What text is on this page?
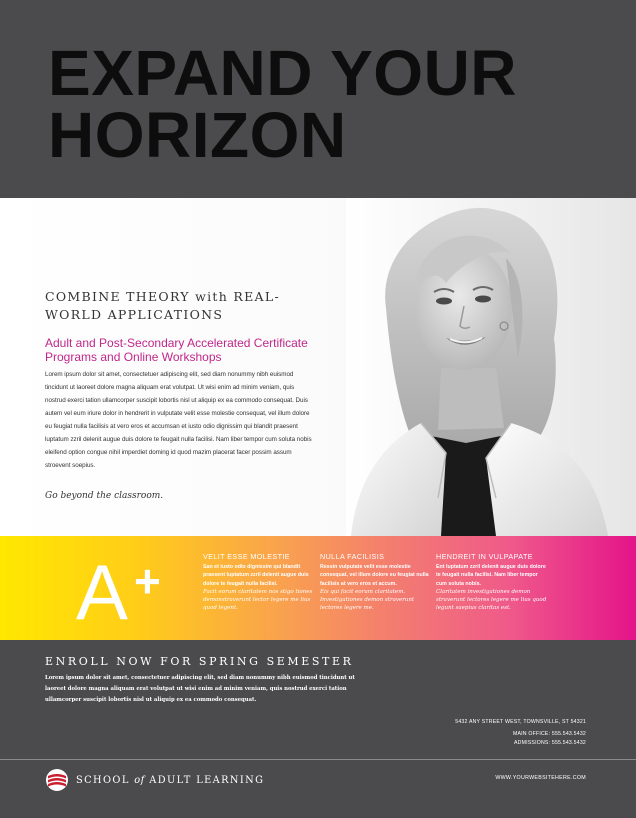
EXPAND YOUR
HORIZON
COMBINE THEORY with REAL-WORLD APPLICATIONS
Adult and Post-Secondary Accelerated Certificate Programs and Online Workshops
Lorem ipsum dolor sit amet, consectetuer adipiscing elit, sed diam nonummy nibh euismod tincidunt ut laoreet dolore magna aliquam erat volutpat. Ut wisi enim ad minim veniam, quis nostrud exerci tation ullamcorper suscipit lobortis nisl ut aliquip ex ea commodo consequat. Duis autem vel eum iriure dolor in hendrerit in vulputate velit esse molestie consequat, vel illum dolore eu feugiat nulla facilisis at vero eros et accumsan et iusto odio dignissim qui blandit praesent luptatum zzril delenit augue duis dolore te feugait nulla facilisi. Nam liber tempor cum soluta nobis eleifend option congue nihil imperdiet doming id quod mazim placerat facer possim assum stroevent soepius.
Go beyond the classroom.
A +	VELIT ESSE MOLESTIE
San et iusto odio dignissim qui blandit praesent luptatum zzril delenit augue duis dolore te feugait nulla facilisi.
Facit eorum claritatem nos stigo tiones demonstraverunt lector legere me lius quod legent.
NULLA FACILISIS
Ressin vulputate velit esse molestie consequat, vel illum dolore eu feugiat nulla facilisis at vero eros et accum.
Eis qui facit eorum claritatem. Investigationes demon straverunt lectores legere me.
HENDREIT IN VULPAPATE
Ent luptatum zzril delenit augue duis dolore te feugait nulla facilisi. Nam liber tempor cum soluta nobis.
Claritatem investigationes demon straverunt lectores legere me lius quod legunt saepius claritas est.
ENROLL NOW FOR SPRING SEMESTER
Lorem ipsum dolor sit amet, consectetuer adipiscing elit, sed diam nonummy nibh euismod tincidunt ut laoreet dolore magna aliquam erat volutpat ut wisi enim ad minim veniam, quis nostrud exerci tation ullamcorper suscipit lobortis nisl ut aliquip ex ea commodo consequat.
5432 ANY STREET WEST, TOWNSVILLE, ST 54321
MAIN OFFICE: 555.543.5432
ADMISSIONS: 555.543.5432
SCHOOL of ADULT LEARNING	WWW.YOURWEBSITEHERE.COM
